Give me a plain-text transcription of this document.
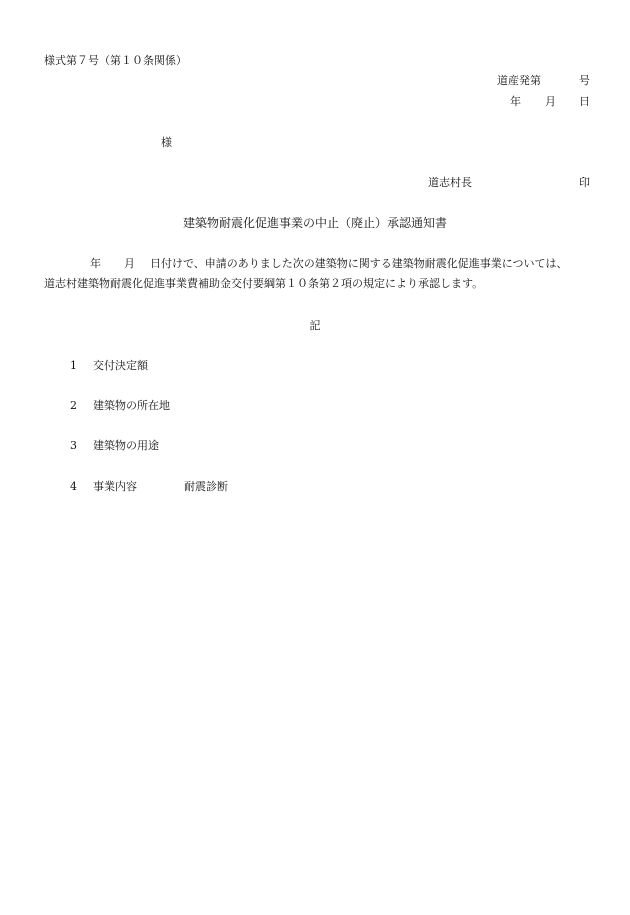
様式第７号（第１０条関係）
道産発第	号
年 月 日
様
道志村長	印
建築物耐震化促進事業の中止（廃止）承認通知書
年 月 日付けで、申請のありました次の建築物に関する建築物耐震化促進事業については、
道志村建築物耐震化促進事業費補助金交付要綱第１０条第２項の規定により承認します。
記
1 交付決定額
2 建築物の所在地
3 建築物の用途
4 事業内容	耐震診断
